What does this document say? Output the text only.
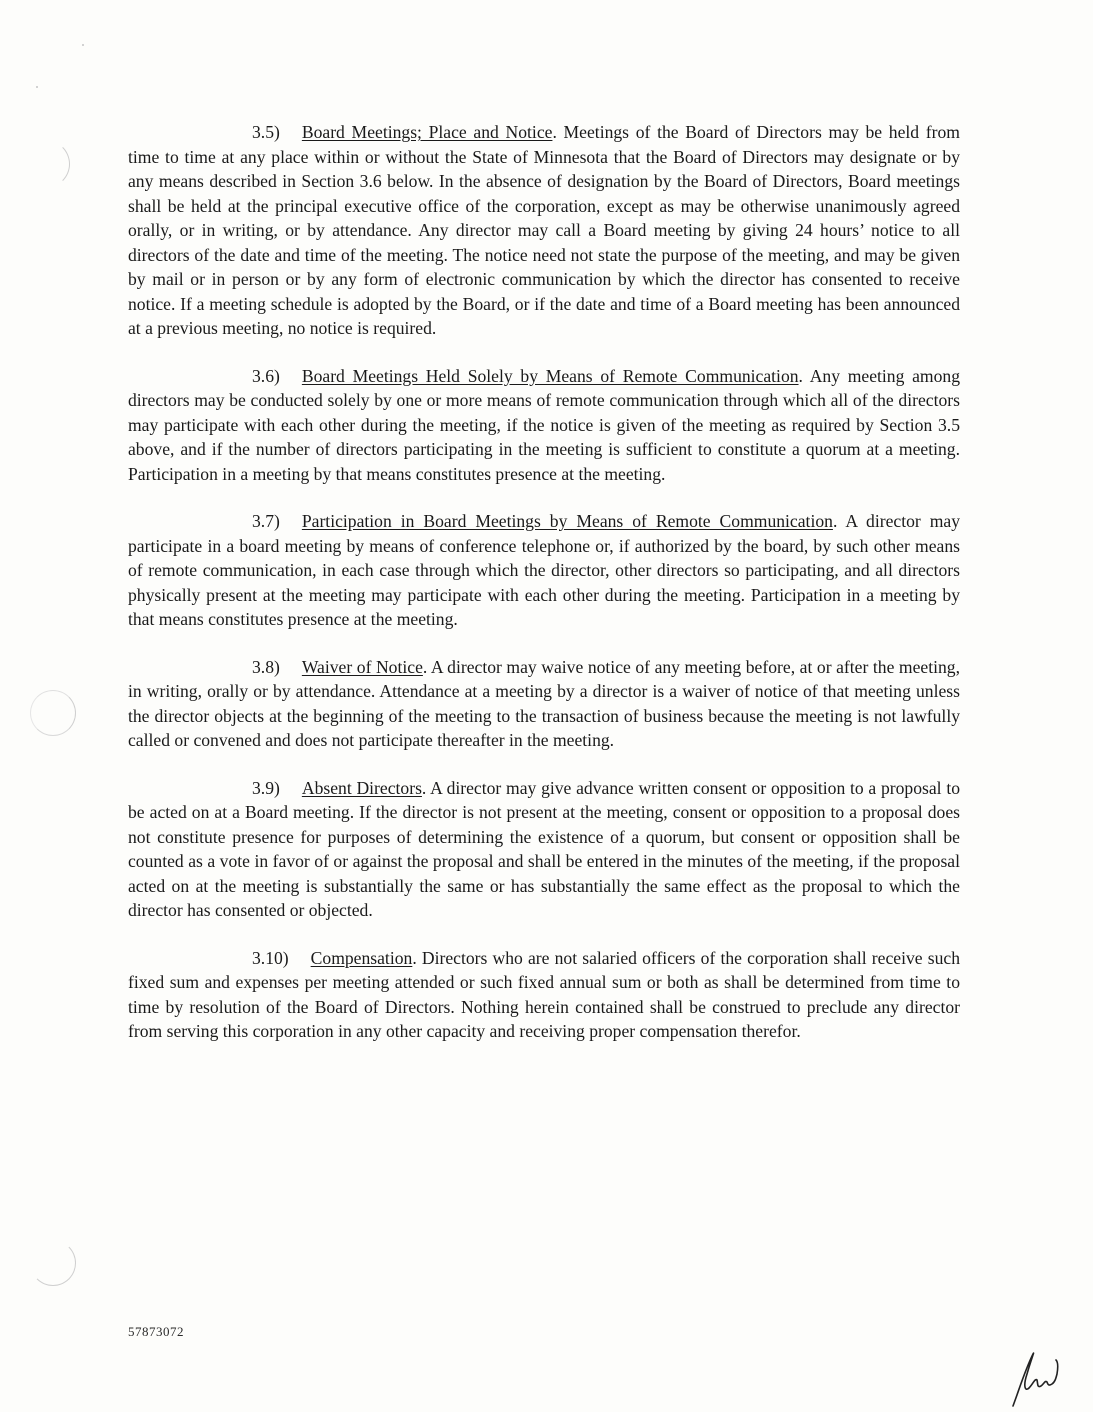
3.5) Board Meetings; Place and Notice. Meetings of the Board of Directors may be held from time to time at any place within or without the State of Minnesota that the Board of Directors may designate or by any means described in Section 3.6 below. In the absence of designation by the Board of Directors, Board meetings shall be held at the principal executive office of the corporation, except as may be otherwise unanimously agreed orally, or in writing, or by attendance. Any director may call a Board meeting by giving 24 hours’ notice to all directors of the date and time of the meeting. The notice need not state the purpose of the meeting, and may be given by mail or in person or by any form of electronic communication by which the director has consented to receive notice. If a meeting schedule is adopted by the Board, or if the date and time of a Board meeting has been announced at a previous meeting, no notice is required.

3.6) Board Meetings Held Solely by Means of Remote Communication. Any meeting among directors may be conducted solely by one or more means of remote communication through which all of the directors may participate with each other during the meeting, if the notice is given of the meeting as required by Section 3.5 above, and if the number of directors participating in the meeting is sufficient to constitute a quorum at a meeting. Participation in a meeting by that means constitutes presence at the meeting.

3.7) Participation in Board Meetings by Means of Remote Communication. A director may participate in a board meeting by means of conference telephone or, if authorized by the board, by such other means of remote communication, in each case through which the director, other directors so participating, and all directors physically present at the meeting may participate with each other during the meeting. Participation in a meeting by that means constitutes presence at the meeting.

3.8) Waiver of Notice. A director may waive notice of any meeting before, at or after the meeting, in writing, orally or by attendance. Attendance at a meeting by a director is a waiver of notice of that meeting unless the director objects at the beginning of the meeting to the transaction of business because the meeting is not lawfully called or convened and does not participate thereafter in the meeting.

3.9) Absent Directors. A director may give advance written consent or opposition to a proposal to be acted on at a Board meeting. If the director is not present at the meeting, consent or opposition to a proposal does not constitute presence for purposes of determining the existence of a quorum, but consent or opposition shall be counted as a vote in favor of or against the proposal and shall be entered in the minutes of the meeting, if the proposal acted on at the meeting is substantially the same or has substantially the same effect as the proposal to which the director has consented or objected.

3.10) Compensation. Directors who are not salaried officers of the corporation shall receive such fixed sum and expenses per meeting attended or such fixed annual sum or both as shall be determined from time to time by resolution of the Board of Directors. Nothing herein contained shall be construed to preclude any director from serving this corporation in any other capacity and receiving proper compensation therefor.

57873072
